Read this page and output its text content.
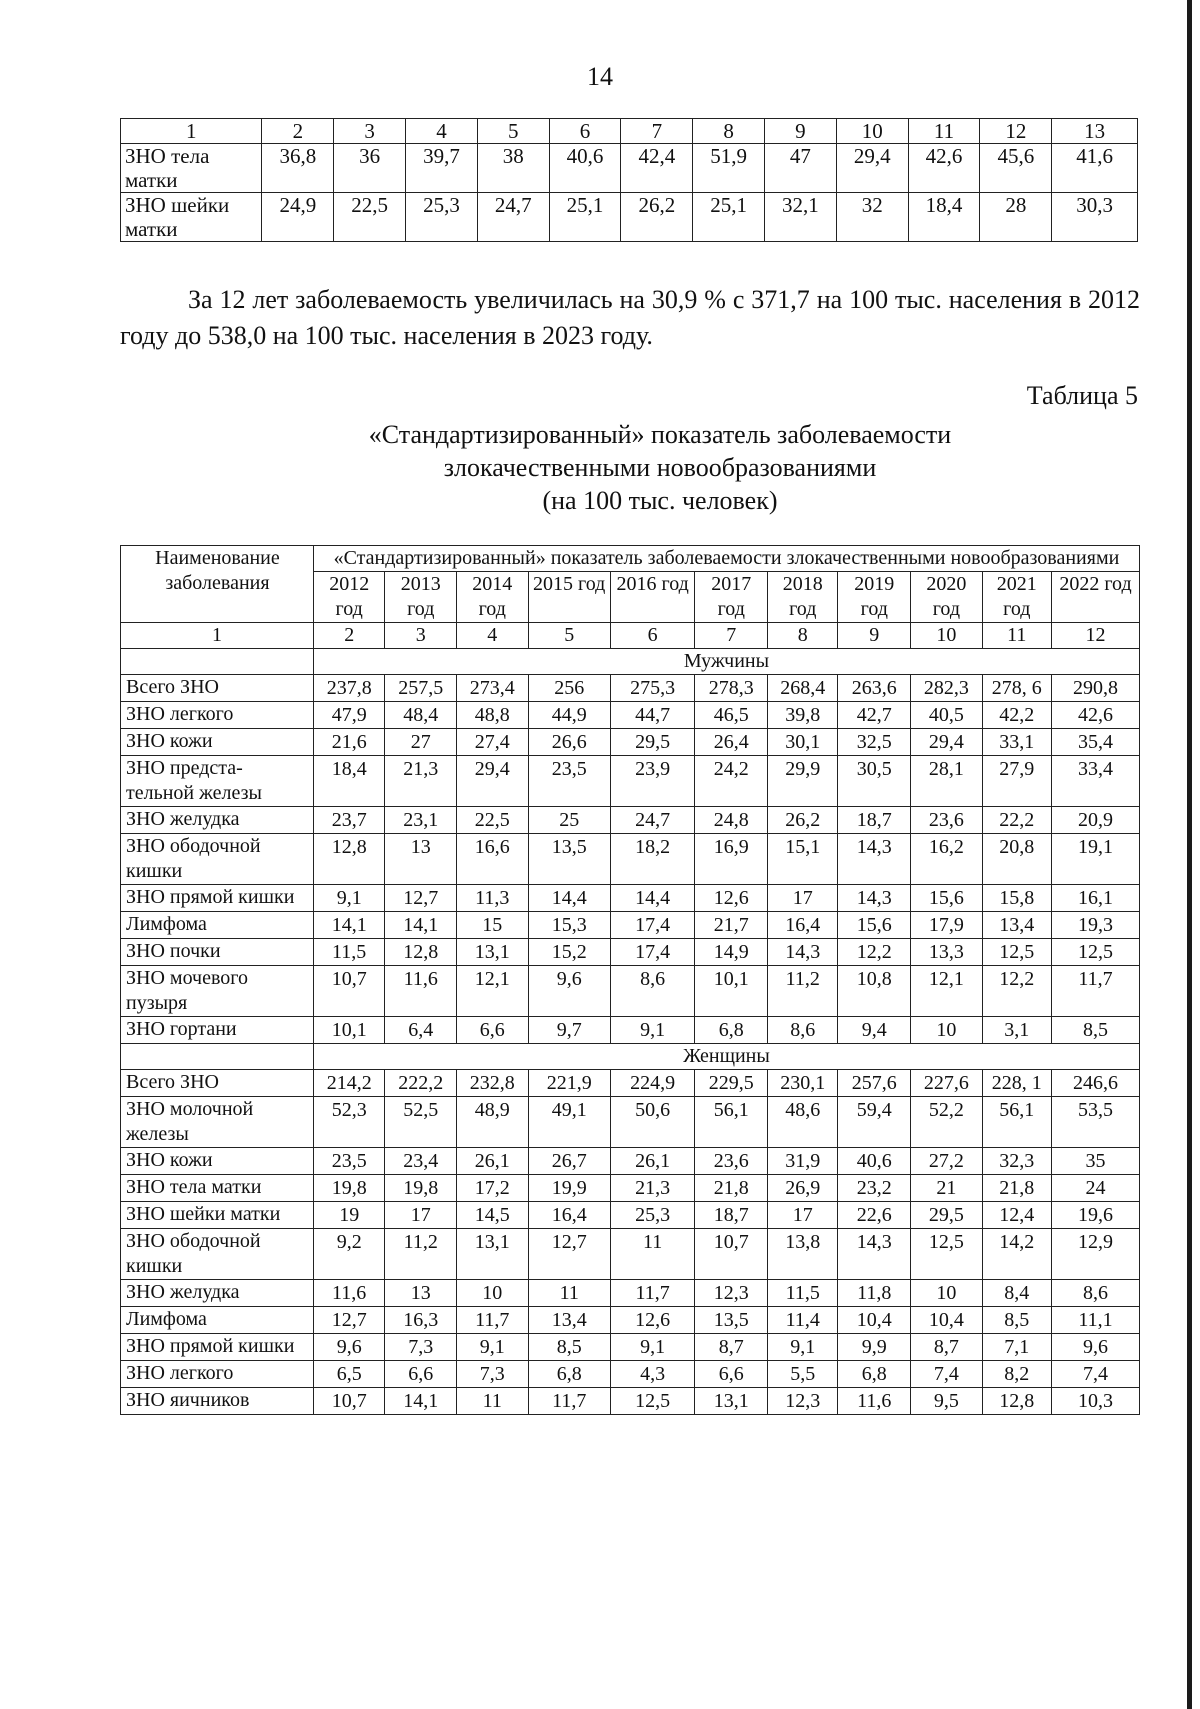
14
1	2	3	4	5	6	7	8	9	10	11	12	13
ЗНО тела матки	36,8	36	39,7	38	40,6	42,4	51,9	47	29,4	42,6	45,6	41,6
ЗНО шейки матки	24,9	22,5	25,3	24,7	25,1	26,2	25,1	32,1	32	18,4	28	30,3
За 12 лет заболеваемость увеличилась на 30,9 % с 371,7 на 100 тыс. населения в 2012 году до 538,0 на 100 тыс. населения в 2023 году.
Таблица 5
«Стандартизированный» показатель заболеваемости
злокачественными новообразованиями
(на 100 тыс. человек)
Наименование заболевания	«Стандартизированный» показатель заболеваемости злокачественными новообразованиями										
	2012 год	2013 год	2014 год	2015 год	2016 год	2017 год	2018 год	2019 год	2020 год	2021 год	2022 год
1	2	3	4	5	6	7	8	9	10	11	12
	Мужчины										
Всего ЗНО	237,8	257,5	273,4	256	275,3	278,3	268,4	263,6	282,3	278, 6	290,8
ЗНО легкого	47,9	48,4	48,8	44,9	44,7	46,5	39,8	42,7	40,5	42,2	42,6
ЗНО кожи	21,6	27	27,4	26,6	29,5	26,4	30,1	32,5	29,4	33,1	35,4
ЗНО предста-тельной железы	18,4	21,3	29,4	23,5	23,9	24,2	29,9	30,5	28,1	27,9	33,4
ЗНО желудка	23,7	23,1	22,5	25	24,7	24,8	26,2	18,7	23,6	22,2	20,9
ЗНО ободочной кишки	12,8	13	16,6	13,5	18,2	16,9	15,1	14,3	16,2	20,8	19,1
ЗНО прямой кишки	9,1	12,7	11,3	14,4	14,4	12,6	17	14,3	15,6	15,8	16,1
Лимфома	14,1	14,1	15	15,3	17,4	21,7	16,4	15,6	17,9	13,4	19,3
ЗНО почки	11,5	12,8	13,1	15,2	17,4	14,9	14,3	12,2	13,3	12,5	12,5
ЗНО мочевого пузыря	10,7	11,6	12,1	9,6	8,6	10,1	11,2	10,8	12,1	12,2	11,7
ЗНО гортани	10,1	6,4	6,6	9,7	9,1	6,8	8,6	9,4	10	3,1	8,5
	Женщины										
Всего ЗНО	214,2	222,2	232,8	221,9	224,9	229,5	230,1	257,6	227,6	228, 1	246,6
ЗНО молочной железы	52,3	52,5	48,9	49,1	50,6	56,1	48,6	59,4	52,2	56,1	53,5
ЗНО кожи	23,5	23,4	26,1	26,7	26,1	23,6	31,9	40,6	27,2	32,3	35
ЗНО тела матки	19,8	19,8	17,2	19,9	21,3	21,8	26,9	23,2	21	21,8	24
ЗНО шейки матки	19	17	14,5	16,4	25,3	18,7	17	22,6	29,5	12,4	19,6
ЗНО ободочной кишки	9,2	11,2	13,1	12,7	11	10,7	13,8	14,3	12,5	14,2	12,9
ЗНО желудка	11,6	13	10	11	11,7	12,3	11,5	11,8	10	8,4	8,6
Лимфома	12,7	16,3	11,7	13,4	12,6	13,5	11,4	10,4	10,4	8,5	11,1
ЗНО прямой кишки	9,6	7,3	9,1	8,5	9,1	8,7	9,1	9,9	8,7	7,1	9,6
ЗНО легкого	6,5	6,6	7,3	6,8	4,3	6,6	5,5	6,8	7,4	8,2	7,4
ЗНО яичников	10,7	14,1	11	11,7	12,5	13,1	12,3	11,6	9,5	12,8	10,3
